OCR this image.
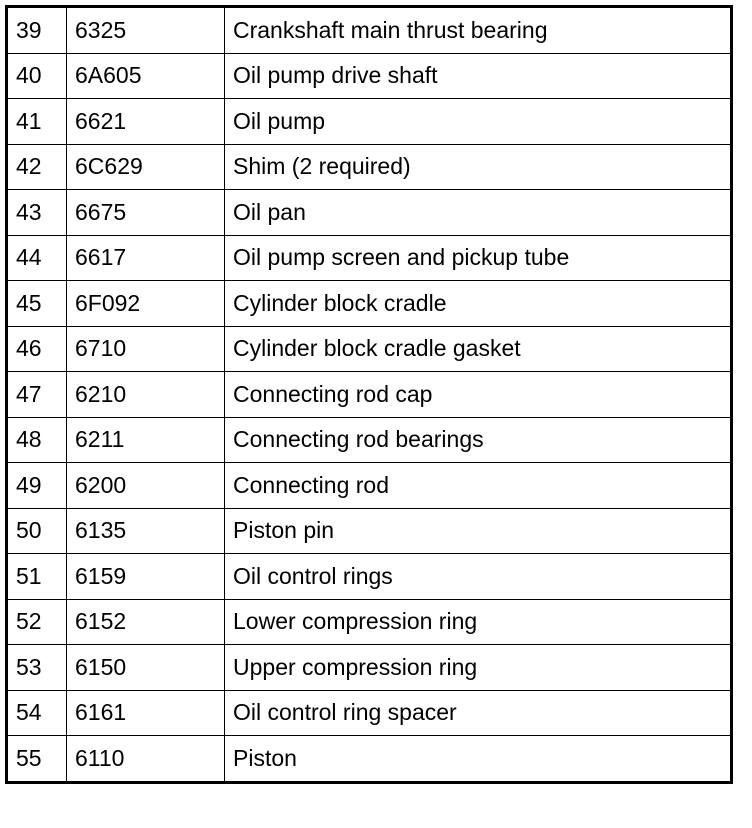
39	6325	Crankshaft main thrust bearing
40	6A605	Oil pump drive shaft
41	6621	Oil pump
42	6C629	Shim (2 required)
43	6675	Oil pan
44	6617	Oil pump screen and pickup tube
45	6F092	Cylinder block cradle
46	6710	Cylinder block cradle gasket
47	6210	Connecting rod cap
48	6211	Connecting rod bearings
49	6200	Connecting rod
50	6135	Piston pin
51	6159	Oil control rings
52	6152	Lower compression ring
53	6150	Upper compression ring
54	6161	Oil control ring spacer
55	6110	Piston
